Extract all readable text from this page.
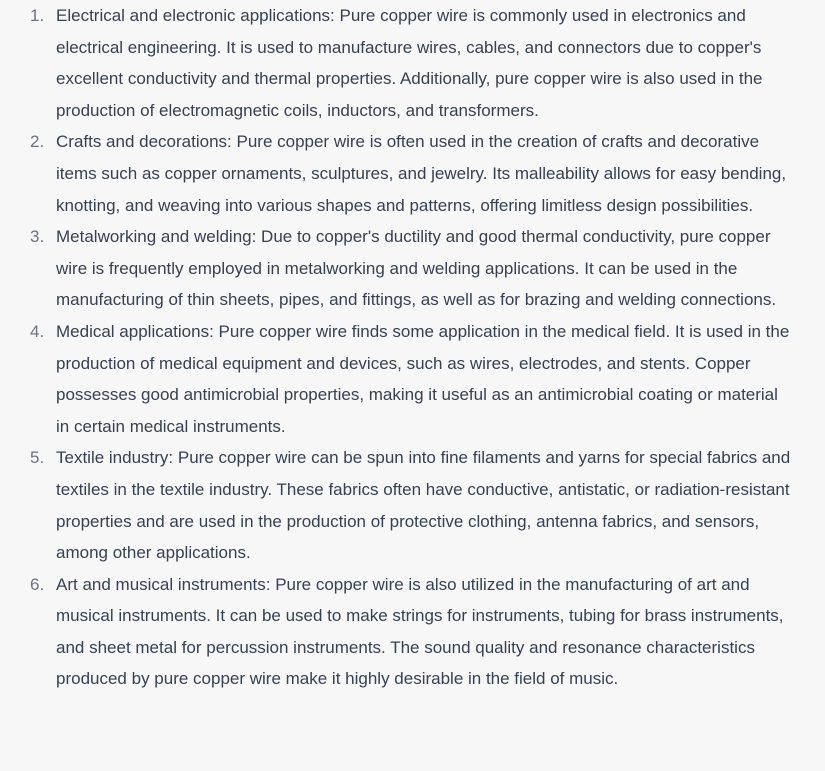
1. Electrical and electronic applications: Pure copper wire is commonly used in electronics and electrical engineering. It is used to manufacture wires, cables, and connectors due to copper's excellent conductivity and thermal properties. Additionally, pure copper wire is also used in the production of electromagnetic coils, inductors, and transformers.
2. Crafts and decorations: Pure copper wire is often used in the creation of crafts and decorative items such as copper ornaments, sculptures, and jewelry. Its malleability allows for easy bending, knotting, and weaving into various shapes and patterns, offering limitless design possibilities.
3. Metalworking and welding: Due to copper's ductility and good thermal conductivity, pure copper wire is frequently employed in metalworking and welding applications. It can be used in the manufacturing of thin sheets, pipes, and fittings, as well as for brazing and welding connections.
4. Medical applications: Pure copper wire finds some application in the medical field. It is used in the production of medical equipment and devices, such as wires, electrodes, and stents. Copper possesses good antimicrobial properties, making it useful as an antimicrobial coating or material in certain medical instruments.
5. Textile industry: Pure copper wire can be spun into fine filaments and yarns for special fabrics and textiles in the textile industry. These fabrics often have conductive, antistatic, or radiation-resistant properties and are used in the production of protective clothing, antenna fabrics, and sensors, among other applications.
6. Art and musical instruments: Pure copper wire is also utilized in the manufacturing of art and musical instruments. It can be used to make strings for instruments, tubing for brass instruments, and sheet metal for percussion instruments. The sound quality and resonance characteristics produced by pure copper wire make it highly desirable in the field of music.
